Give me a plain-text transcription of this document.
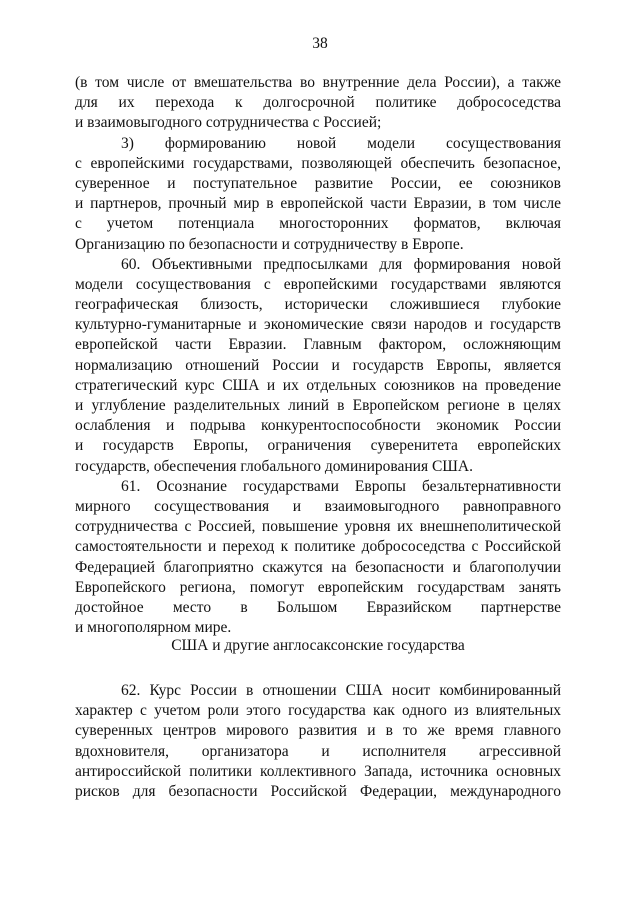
38
(в том числе от вмешательства во внутренние дела России), а также
для их перехода к долгосрочной политике добрососедства
и взаимовыгодного сотрудничества с Россией;
3) формированию новой модели сосуществования
с европейскими государствами, позволяющей обеспечить безопасное,
суверенное и поступательное развитие России, ее союзников
и партнеров, прочный мир в европейской части Евразии, в том числе
с учетом потенциала многосторонних форматов, включая
Организацию по безопасности и сотрудничеству в Европе.
60. Объективными предпосылками для формирования новой
модели сосуществования с европейскими государствами являются
географическая близость, исторически сложившиеся глубокие
культурно-гуманитарные и экономические связи народов и государств
европейской части Евразии. Главным фактором, осложняющим
нормализацию отношений России и государств Европы, является
стратегический курс США и их отдельных союзников на проведение
и углубление разделительных линий в Европейском регионе в целях
ослабления и подрыва конкурентоспособности экономик России
и государств Европы, ограничения суверенитета европейских
государств, обеспечения глобального доминирования США.
61. Осознание государствами Европы безальтернативности
мирного сосуществования и взаимовыгодного равноправного
сотрудничества с Россией, повышение уровня их внешнеполитической
самостоятельности и переход к политике добрососедства с Российской
Федерацией благоприятно скажутся на безопасности и благополучии
Европейского региона, помогут европейским государствам занять
достойное место в Большом Евразийском партнерстве
и многополярном мире.
США и другие англосаксонские государства
62. Курс России в отношении США носит комбинированный
характер с учетом роли этого государства как одного из влиятельных
суверенных центров мирового развития и в то же время главного
вдохновителя, организатора и исполнителя агрессивной
антироссийской политики коллективного Запада, источника основных
рисков для безопасности Российской Федерации, международного
